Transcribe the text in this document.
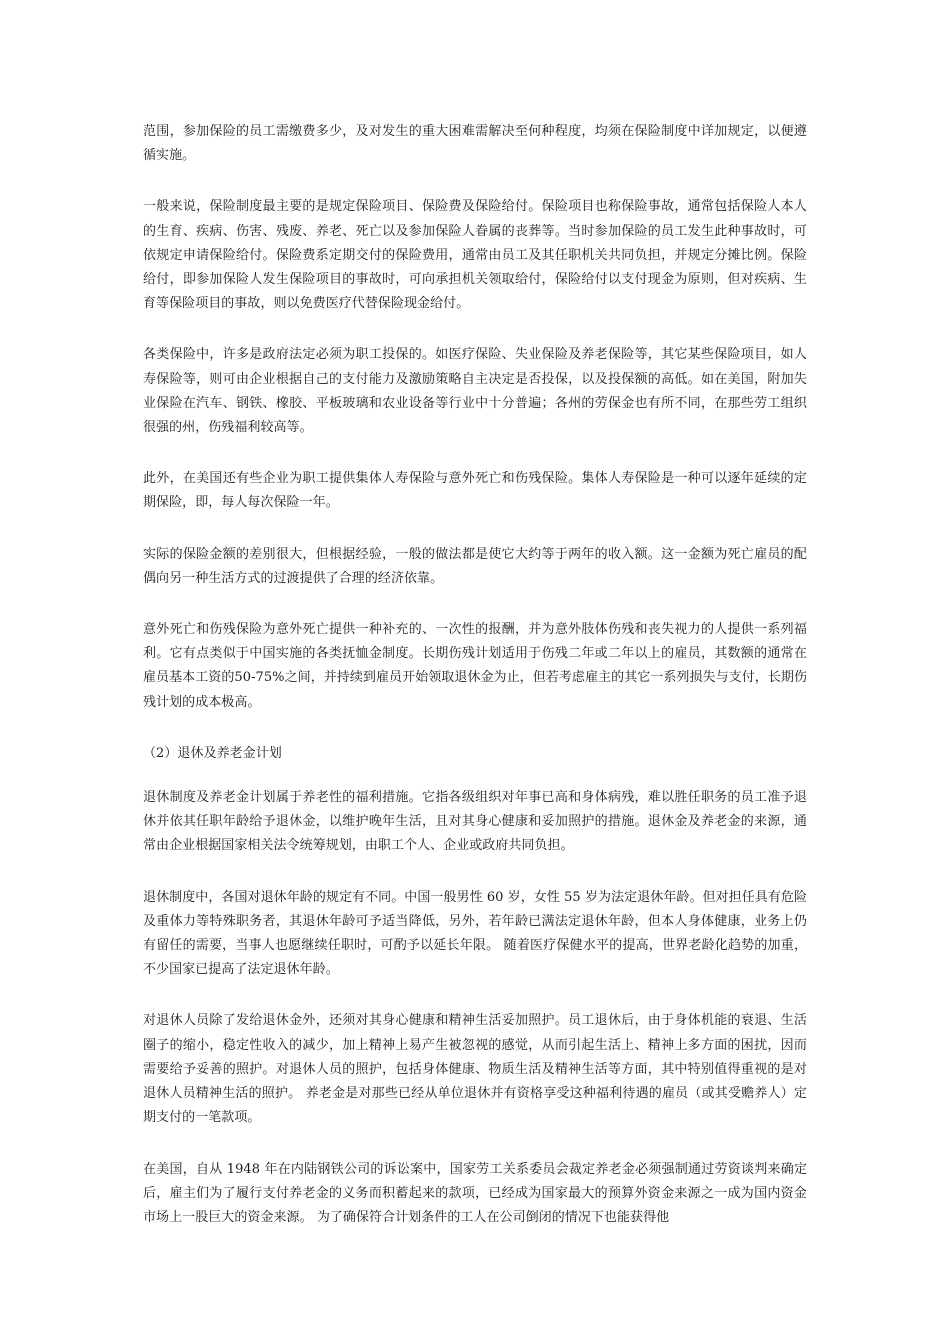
范围，参加保险的员工需缴费多少，及对发生的重大困难需解决至何种程度，均须在保险制度中详加规定，以便遵循实施。

一般来说，保险制度最主要的是规定保险项目、保险费及保险给付。保险项目也称保险事故，通常包括保险人本人的生育、疾病、伤害、残废、养老、死亡以及参加保险人眷属的丧葬等。当时参加保险的员工发生此种事故时，可依规定申请保险给付。保险费系定期交付的保险费用，通常由员工及其任职机关共同负担，并规定分摊比例。保险给付，即参加保险人发生保险项目的事故时，可向承担机关领取给付，保险给付以支付现金为原则，但对疾病、生育等保险项目的事故，则以免费医疗代替保险现金给付。

各类保险中，许多是政府法定必须为职工投保的。如医疗保险、失业保险及养老保险等，其它某些保险项目，如人寿保险等，则可由企业根据自己的支付能力及激励策略自主决定是否投保，以及投保额的高低。如在美国，附加失业保险在汽车、钢铁、橡胶、平板玻璃和农业设备等行业中十分普遍；各州的劳保金也有所不同，在那些劳工组织很强的州，伤残福利较高等。

此外，在美国还有些企业为职工提供集体人寿保险与意外死亡和伤残保险。集体人寿保险是一种可以逐年延续的定期保险，即，每人每次保险一年。

实际的保险金额的差别很大，但根据经验，一般的做法都是使它大约等于两年的收入额。这一金额为死亡雇员的配偶向另一种生活方式的过渡提供了合理的经济依靠。

意外死亡和伤残保险为意外死亡提供一种补充的、一次性的报酬，并为意外肢体伤残和丧失视力的人提供一系列福利。它有点类似于中国实施的各类抚恤金制度。长期伤残计划适用于伤残二年或二年以上的雇员，其数额的通常在雇员基本工资的50-75%之间，并持续到雇员开始领取退休金为止，但若考虑雇主的其它一系列损失与支付，长期伤残计划的成本极高。

（2）退休及养老金计划

退休制度及养老金计划属于养老性的福利措施。它指各级组织对年事已高和身体病残，难以胜任职务的员工准予退休并依其任职年龄给予退休金，以维护晚年生活，且对其身心健康和妥加照护的措施。退休金及养老金的来源，通常由企业根据国家相关法令统筹规划，由职工个人、企业或政府共同负担。

退休制度中，各国对退休年龄的规定有不同。中国一般男性 60 岁，女性 55 岁为法定退休年龄。但对担任具有危险及重体力等特殊职务者，其退休年龄可予适当降低，另外，若年龄已满法定退休年龄，但本人身体健康，业务上仍有留任的需要，当事人也愿继续任职时，可酌予以延长年限。 随着医疗保健水平的提高，世界老龄化趋势的加重，不少国家已提高了法定退休年龄。

对退休人员除了发给退休金外，还须对其身心健康和精神生活妥加照护。员工退休后，由于身体机能的衰退、生活圈子的缩小，稳定性收入的减少，加上精神上易产生被忽视的感觉，从而引起生活上、精神上多方面的困扰，因而需要给予妥善的照护。对退休人员的照护，包括身体健康、物质生活及精神生活等方面，其中特别值得重视的是对退休人员精神生活的照护。 养老金是对那些已经从单位退休并有资格享受这种福利待遇的雇员（或其受赡养人）定期支付的一笔款项。

在美国，自从 1948 年在内陆钢铁公司的诉讼案中，国家劳工关系委员会裁定养老金必须强制通过劳资谈判来确定后，雇主们为了履行支付养老金的义务而积蓄起来的款项，已经成为国家最大的预算外资金来源之一成为国内资金市场上一股巨大的资金来源。 为了确保符合计划条件的工人在公司倒闭的情况下也能获得他
